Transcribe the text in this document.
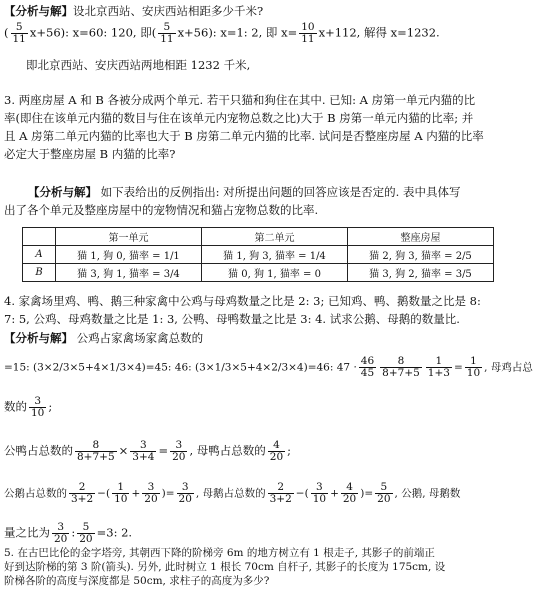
【分析与解】设北京西站、安庆西站相距多少千米?
( $\frac{5}{11} x+56$): x=60: 120, 即( $\frac{5}{11} x+56$): x=1: 2, 即 $x= \frac{10}{11} x+112$, 解得 x=1232.
即北京西站、安庆西站两地相距 1232 千米,
3. 两座房屋 A 和 B 各被分成两个单元. 若干只猫和狗住在其中. 已知: A 房第一单元内猫的比
率(即住在该单元内猫的数目与住在该单元内宠物总数之比)大于 B 房第一单元内猫的比率; 并
且 A 房第二单元内猫的比率也大于 B 房第二单元内猫的比率. 试问是否整座房屋 A 内猫的比率
必定大于整座房屋 B 内猫的比率?
【分析与解】 如下表给出的反例指出: 对所提出问题的回答应该是否定的. 表中具体写
出了各个单元及整座房屋中的宠物情况和猫占宠物总数的比率.
	第一单元	第二单元	整座房屋
A	猫 1, 狗 0, 猫率 = 1/1	猫 1, 狗 3, 猫率 = 1/4	猫 2, 狗 3, 猫率 = 2/5
B	猫 3, 狗 1, 猫率 = 3/4	猫 0, 狗 1, 猫率 = 0	猫 3, 狗 2, 猫率 = 3/5
4. 家禽场里鸡、鸭、鹅三种家禽中公鸡与母鸡数量之比是 2: 3; 已知鸡、鸭、鹅数量之比是 8:
7: 5, 公鸡、母鸡数量之比是 1: 3, 公鸭、母鸭数量之比是 3: 4. 试求公鹅、母鹅的数量比.
【分析与解】 公鸡占家禽场家禽总数的
=15: (3×2/3×5+4×1/3×4)=45: 46: (3×1/3×5+4×2/3×4)=46: $47 \cdot \frac{46}{45} \frac{8}{8+7+5} \frac{1}{1+3} = \frac{1}{10}$ , 母鸡占总
数的 $\frac{3}{10}$ ;
公鸭占总数的 $\frac{8}{8+7+5} \times \frac{3}{3+4} = \frac{3}{20}$ , 母鸭占总数的 $\frac{4}{20}$ ;
公鹅占总数的 $\frac{2}{3+2}$ −( $\frac{1}{10} + \frac{3}{20}$ )= $\frac{3}{20}$ , 母鹅占总数的 $\frac{2}{3+2}$ −( $\frac{3}{10} + \frac{4}{20}$ )= $\frac{5}{20}$ , 公鹅, 母鹅数
量之比为 $\frac{3}{20}$ : $\frac{5}{20} =3$: 2.
5. 在古巴比伦的金字塔旁, 其朝西下降的阶梯旁 6m 的地方树立有 1 根走子, 其影子的前端正
好到达阶梯的第 3 阶(箭头). 另外, 此时树立 1 根长 70cm 自杆子, 其影子的长度为 175cm, 设
阶梯各阶的高度与深度都是 50cm, 求柱子的高度为多少?
